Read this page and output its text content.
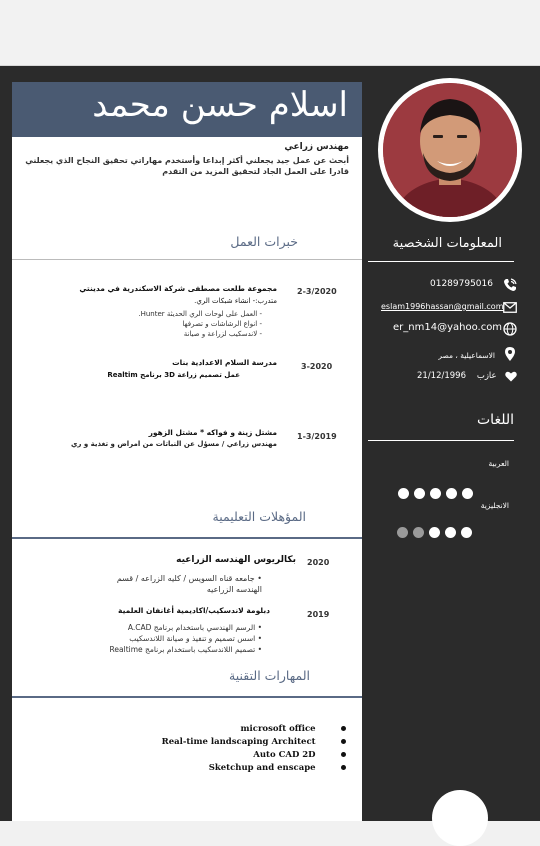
اسلام حسن محمد
مهندس زراعي
أبحث عن عمل جيد يجعلني أكثر إبداعا وأستخدم مهاراتي تحقيق النجاح الذي يجعلني قادرا على العمل الجاد لتحقيق المزيد من التقدم
خبرات العمل
2-3/2020
مجموعة طلعت مصطفى شركة الاسكندرية في مدينتي
متدرب:- انشاء شبكات الري.
- العمل على لوحات الري الحديثة Hunter.
- انواع الرشاشات و تصرفها
- لاندسكيب لزراعة و صيانة
3-2020
مدرسة السلام الاعدادية بنات
عمل تصميم زراعة 3D برنامج Realtim
1-3/2019
مشتل زينة و فواكه * مشتل الزهور
مهندس زراعي / مسؤل عن النباتات من امراض و تغذية و ري
المؤهلات التعليمية
2020
بكالريوس الهندسه الزراعيه
• جامعه قناه السويس / كليه الزراعه / قسم الهندسه الزراعيه
2019
دبلومة لاندسكيب/اكاديمية أغانفان العلمية
• الرسم الهندسي باستخدام برنامج A.CAD
• اسس تصميم و تنفيذ و صيانة اللاندسكيب
• تصميم اللاندسكيب باستخدام برنامج Realtime
المهارات التقنية
microsoft office
Real-time landscaping Architect
Auto CAD 2D
Sketchup and enscape
المعلومات الشخصية
01289795016
eslam1996hassan@gmail.com
er_nm14@yahoo.com
الاسماعيلية ، مصر
21/12/1996 عازب
اللغات
العربية
الانجليزية
